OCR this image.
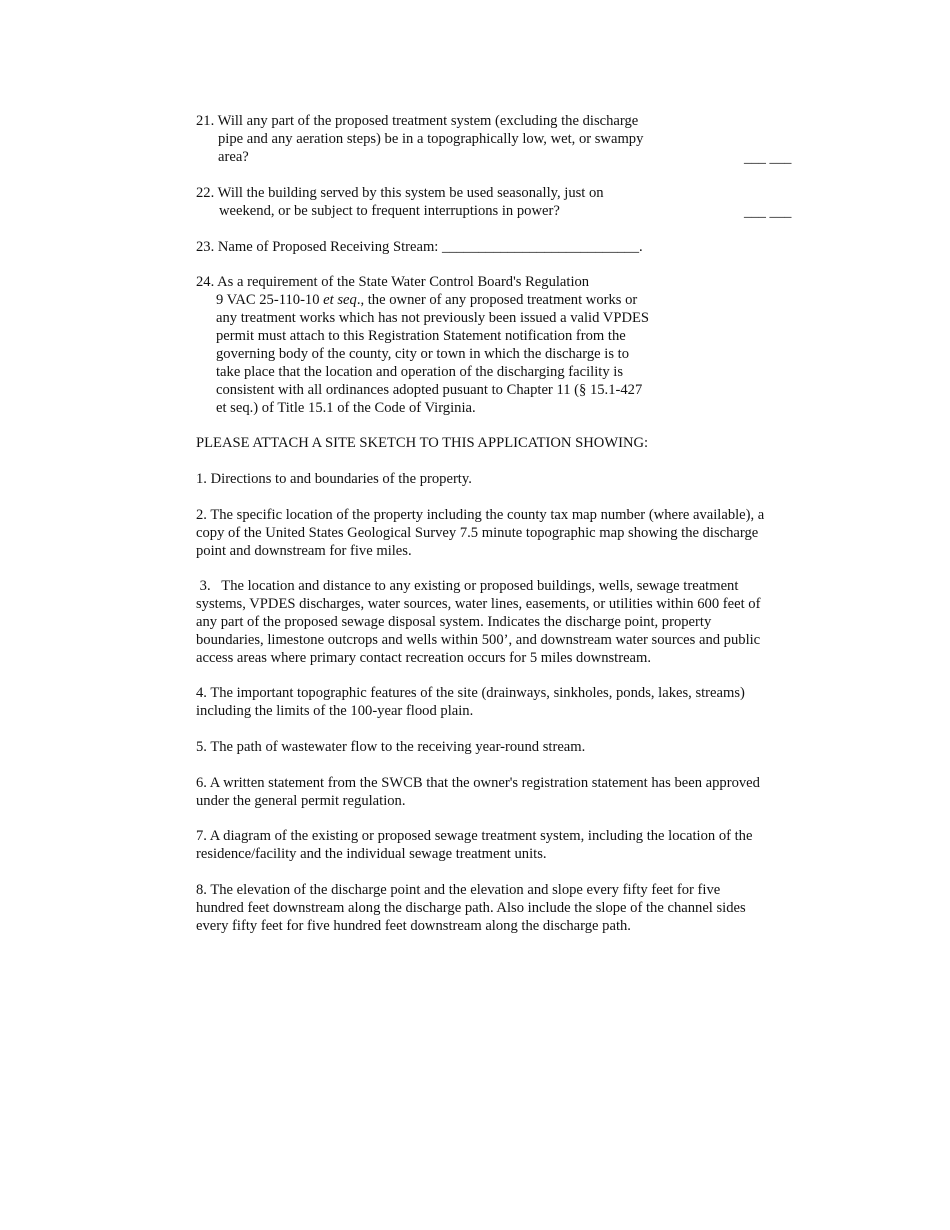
21. Will any part of the proposed treatment system (excluding the discharge
pipe and any aeration steps) be in a topographically low, wet, or swampy
area?	___ ___
22. Will the building served by this system be used seasonally, just on
weekend, or be subject to frequent interruptions in power?	___ ___
23. Name of Proposed Receiving Stream: ___________________________.
24. As a requirement of the State Water Control Board's Regulation
9 VAC 25-110-10 et seq., the owner of any proposed treatment works or
any treatment works which has not previously been issued a valid VPDES
permit must attach to this Registration Statement notification from the
governing body of the county, city or town in which the discharge is to
take place that the location and operation of the discharging facility is
consistent with all ordinances adopted pusuant to Chapter 11 (§ 15.1-427
et seq.) of Title 15.1 of the Code of Virginia.
PLEASE ATTACH A SITE SKETCH TO THIS APPLICATION SHOWING:
1. Directions to and boundaries of the property.
2. The specific location of the property including the county tax map number (where available), a
copy of the United States Geological Survey 7.5 minute topographic map showing the discharge
point and downstream for five miles.
3.   The location and distance to any existing or proposed buildings, wells, sewage treatment
systems, VPDES discharges, water sources, water lines, easements, or utilities within 600 feet of
any part of the proposed sewage disposal system. Indicates the discharge point, property
boundaries, limestone outcrops and wells within 500’, and downstream water sources and public
access areas where primary contact recreation occurs for 5 miles downstream.
4. The important topographic features of the site (drainways, sinkholes, ponds, lakes, streams)
including the limits of the 100-year flood plain.
5. The path of wastewater flow to the receiving year-round stream.
6. A written statement from the SWCB that the owner's registration statement has been approved
under the general permit regulation.
7. A diagram of the existing or proposed sewage treatment system, including the location of the
residence/facility and the individual sewage treatment units.
8. The elevation of the discharge point and the elevation and slope every fifty feet for five
hundred feet downstream along the discharge path. Also include the slope of the channel sides
every fifty feet for five hundred feet downstream along the discharge path.
